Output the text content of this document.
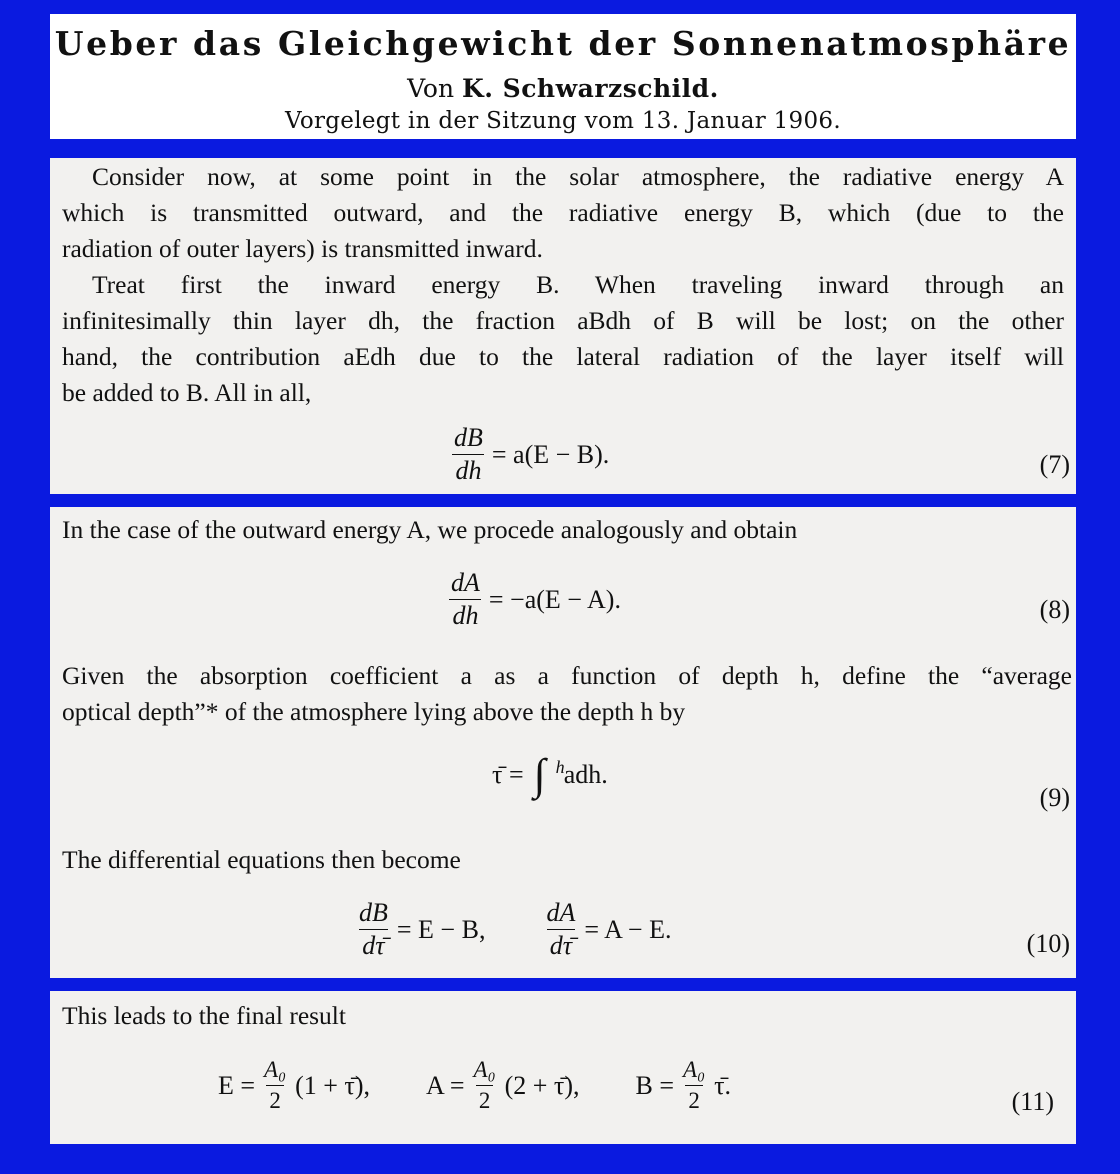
Ueber das Gleichgewicht der Sonnenatmosphäre
Von K. Schwarzschild.
Vorgelegt in der Sitzung vom 13. Januar 1906.
Consider now, at some point in the solar atmosphere, the radiative energy A
which is transmitted outward, and the radiative energy B, which (due to the
radiation of outer layers) is transmitted inward.
Treat first the inward energy B. When traveling inward through an
infinitesimally thin layer dh, the fraction aBdh of B will be lost; on the other
hand, the contribution aEdh due to the lateral radiation of the layer itself will
be added to B. All in all,
$\frac{dB}{dh} = a(E - B)$.	(7)
In the case of the outward energy A, we procede analogously and obtain
$\frac{dA}{dh} = -a(E - A)$.	(8)
Given the absorption coefficient a as a function of depth h, define the “average
optical depth”* of the atmosphere lying above the depth h by
τ̄ = ∫ h adh.
(9)
The differential equations then become
$\frac{dB}{d\taū} = E - B$, $\frac{dA}{d\taū} = A - E$.	(10)
This leads to the final result
$E = \frac{\text{A₀}}{2} (1$ + τ̄), $A = \frac{\text{A₀}}{2} (2$ + τ̄), $B = \frac{\text{A₀}}{2}$ τ̄.
(11)
